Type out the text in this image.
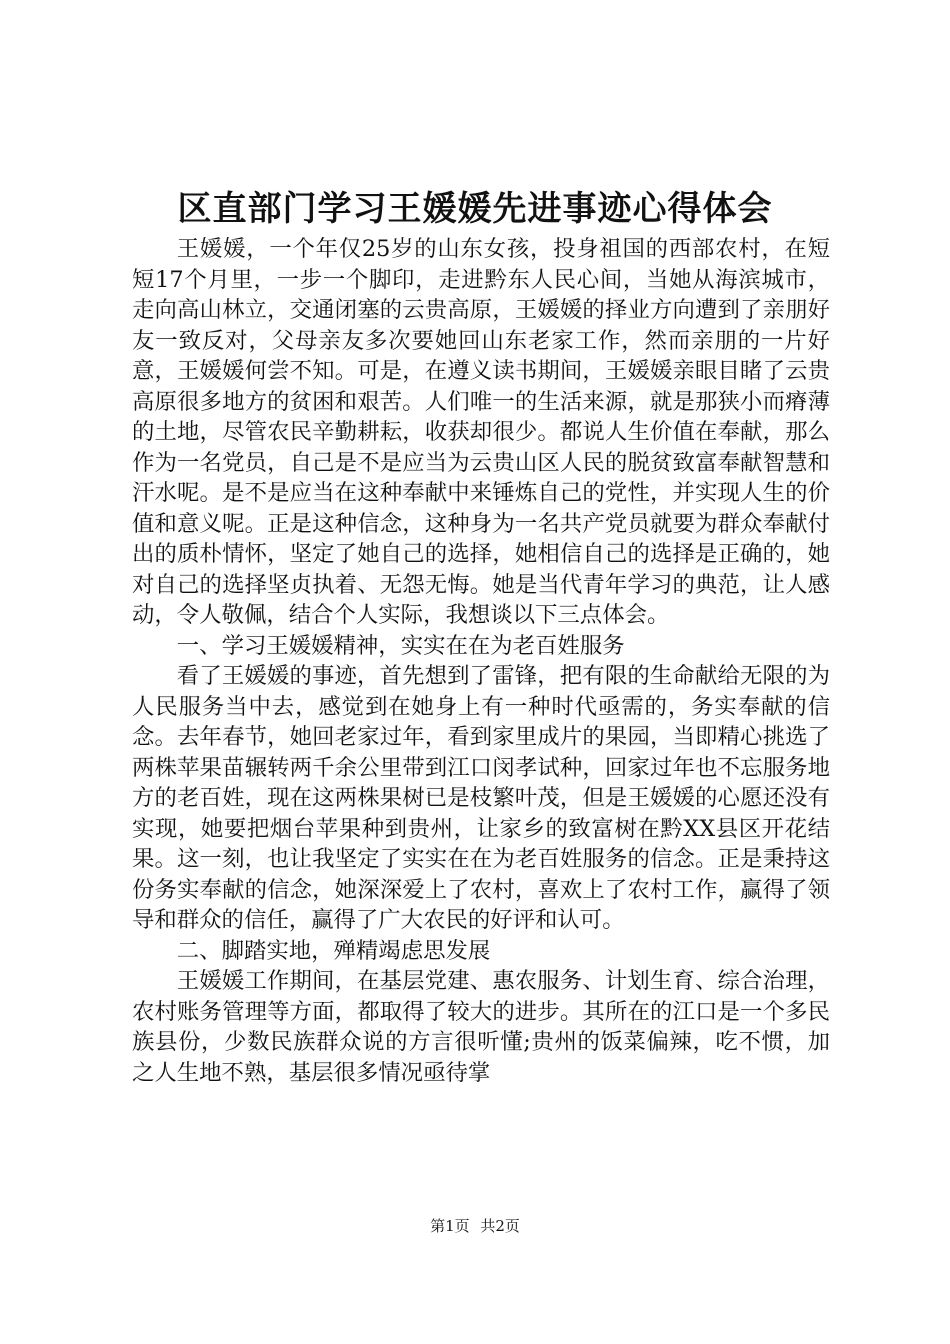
区直部门学习王媛媛先进事迹心得体会

王媛媛，一个年仅25岁的山东女孩，投身祖国的西部农村，在短短17个月里，一步一个脚印，走进黔东人民心间，当她从海滨城市，走向高山林立，交通闭塞的云贵高原，王媛媛的择业方向遭到了亲朋好友一致反对，父母亲友多次要她回山东老家工作，然而亲朋的一片好意，王媛媛何尝不知。可是，在遵义读书期间，王媛媛亲眼目睹了云贵高原很多地方的贫困和艰苦。人们唯一的生活来源，就是那狭小而瘠薄的土地，尽管农民辛勤耕耘，收获却很少。都说人生价值在奉献，那么作为一名党员，自己是不是应当为云贵山区人民的脱贫致富奉献智慧和汗水呢。是不是应当在这种奉献中来锤炼自己的党性，并实现人生的价值和意义呢。正是这种信念，这种身为一名共产党员就要为群众奉献付出的质朴情怀，坚定了她自己的选择，她相信自己的选择是正确的，她对自己的选择坚贞执着、无怨无悔。她是当代青年学习的典范，让人感动，令人敬佩，结合个人实际，我想谈以下三点体会。

一、学习王媛媛精神，实实在在为老百姓服务

看了王媛媛的事迹，首先想到了雷锋，把有限的生命献给无限的为人民服务当中去，感觉到在她身上有一种时代亟需的，务实奉献的信念。去年春节，她回老家过年，看到家里成片的果园，当即精心挑选了两株苹果苗辗转两千余公里带到江口闵孝试种，回家过年也不忘服务地方的老百姓，现在这两株果树已是枝繁叶茂，但是王媛媛的心愿还没有实现，她要把烟台苹果种到贵州，让家乡的致富树在黔XX县区开花结果。这一刻，也让我坚定了实实在在为老百姓服务的信念。正是秉持这份务实奉献的信念，她深深爱上了农村，喜欢上了农村工作，赢得了领导和群众的信任，赢得了广大农民的好评和认可。

二、脚踏实地，殚精竭虑思发展

王媛媛工作期间，在基层党建、惠农服务、计划生育、综合治理，农村账务管理等方面，都取得了较大的进步。其所在的江口是一个多民族县份，少数民族群众说的方言很听懂;贵州的饭菜偏辣，吃不惯，加之人生地不熟，基层很多情况亟待掌

第1页 共2页
